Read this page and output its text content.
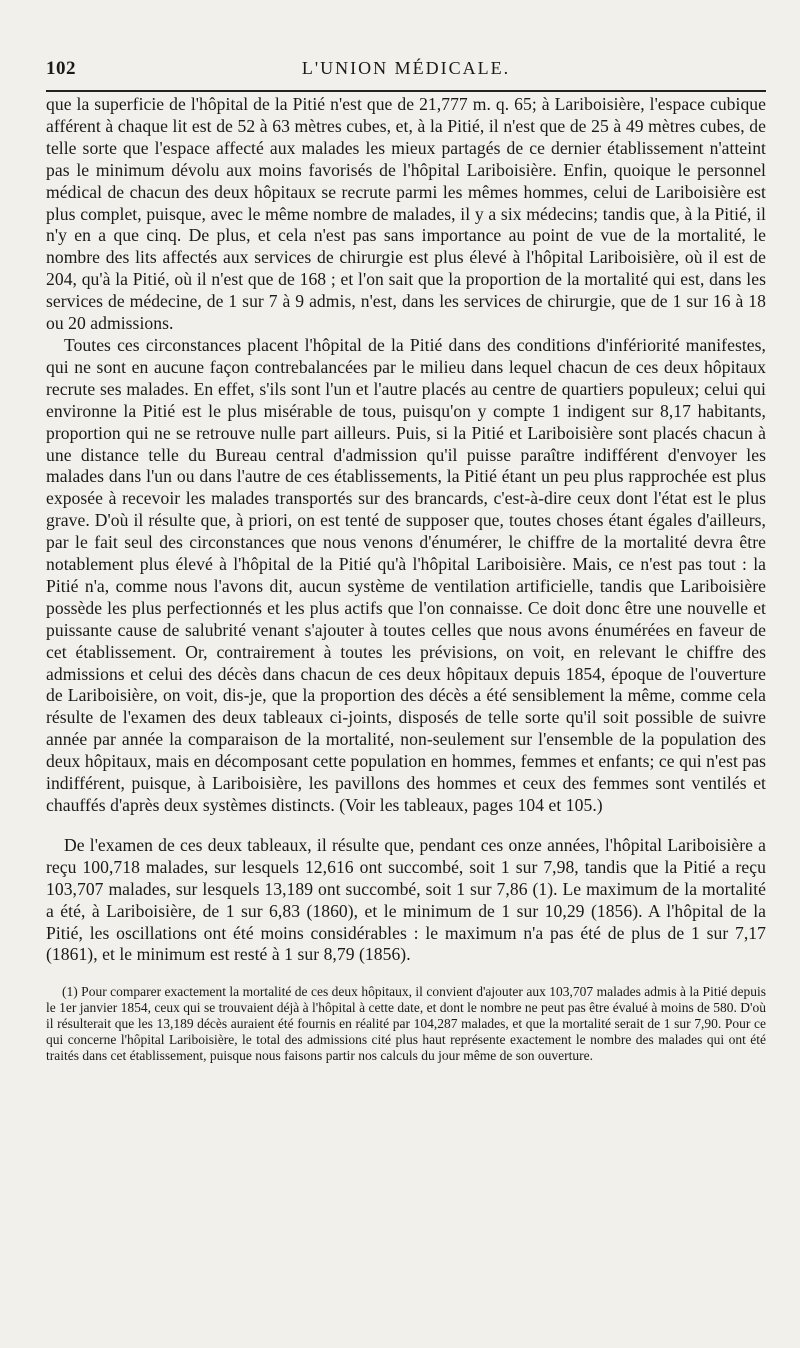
102	L'UNION MÉDICALE.

que la superficie de l'hôpital de la Pitié n'est que de 21,777 m. q. 65; à Lariboisière, l'espace cubique afférent à chaque lit est de 52 à 63 mètres cubes, et, à la Pitié, il n'est que de 25 à 49 mètres cubes, de telle sorte que l'espace affecté aux malades les mieux partagés de ce dernier établissement n'atteint pas le minimum dévolu aux moins favorisés de l'hôpital Lariboisière. Enfin, quoique le personnel médical de chacun des deux hôpitaux se recrute parmi les mêmes hommes, celui de Lariboisière est plus complet, puisque, avec le même nombre de malades, il y a six médecins; tandis que, à la Pitié, il n'y en a que cinq. De plus, et cela n'est pas sans importance au point de vue de la mortalité, le nombre des lits affectés aux services de chirurgie est plus élevé à l'hôpital Lariboisière, où il est de 204, qu'à la Pitié, où il n'est que de 168 ; et l'on sait que la proportion de la mortalité qui est, dans les services de médecine, de 1 sur 7 à 9 admis, n'est, dans les services de chirurgie, que de 1 sur 16 à 18 ou 20 admissions.

Toutes ces circonstances placent l'hôpital de la Pitié dans des conditions d'infériorité manifestes, qui ne sont en aucune façon contrebalancées par le milieu dans lequel chacun de ces deux hôpitaux recrute ses malades. En effet, s'ils sont l'un et l'autre placés au centre de quartiers populeux; celui qui environne la Pitié est le plus misérable de tous, puisqu'on y compte 1 indigent sur 8,17 habitants, proportion qui ne se retrouve nulle part ailleurs. Puis, si la Pitié et Lariboisière sont placés chacun à une distance telle du Bureau central d'admission qu'il puisse paraître indifférent d'envoyer les malades dans l'un ou dans l'autre de ces établissements, la Pitié étant un peu plus rapprochée est plus exposée à recevoir les malades transportés sur des brancards, c'est-à-dire ceux dont l'état est le plus grave. D'où il résulte que, à priori, on est tenté de supposer que, toutes choses étant égales d'ailleurs, par le fait seul des circonstances que nous venons d'énumérer, le chiffre de la mortalité devra être notablement plus élevé à l'hôpital de la Pitié qu'à l'hôpital Lariboisière. Mais, ce n'est pas tout : la Pitié n'a, comme nous l'avons dit, aucun système de ventilation artificielle, tandis que Lariboisière possède les plus perfectionnés et les plus actifs que l'on connaisse. Ce doit donc être une nouvelle et puissante cause de salubrité venant s'ajouter à toutes celles que nous avons énumérées en faveur de cet établissement. Or, contrairement à toutes les prévisions, on voit, en relevant le chiffre des admissions et celui des décès dans chacun de ces deux hôpitaux depuis 1854, époque de l'ouverture de Lariboisière, on voit, dis-je, que la proportion des décès a été sensiblement la même, comme cela résulte de l'examen des deux tableaux ci-joints, disposés de telle sorte qu'il soit possible de suivre année par année la comparaison de la mortalité, non-seulement sur l'ensemble de la population des deux hôpitaux, mais en décomposant cette population en hommes, femmes et enfants; ce qui n'est pas indifférent, puisque, à Lariboisière, les pavillons des hommes et ceux des femmes sont ventilés et chauffés d'après deux systèmes distincts. (Voir les tableaux, pages 104 et 105.)

De l'examen de ces deux tableaux, il résulte que, pendant ces onze années, l'hôpital Lariboisière a reçu 100,718 malades, sur lesquels 12,616 ont succombé, soit 1 sur 7,98, tandis que la Pitié a reçu 103,707 malades, sur lesquels 13,189 ont succombé, soit 1 sur 7,86 (1). Le maximum de la mortalité a été, à Lariboisière, de 1 sur 6,83 (1860), et le minimum de 1 sur 10,29 (1856). A l'hôpital de la Pitié, les oscillations ont été moins considérables : le maximum n'a pas été de plus de 1 sur 7,17 (1861), et le minimum est resté à 1 sur 8,79 (1856).

(1) Pour comparer exactement la mortalité de ces deux hôpitaux, il convient d'ajouter aux 103,707 malades admis à la Pitié depuis le 1er janvier 1854, ceux qui se trouvaient déjà à l'hôpital à cette date, et dont le nombre ne peut pas être évalué à moins de 580. D'où il résulterait que les 13,189 décès auraient été fournis en réalité par 104,287 malades, et que la mortalité serait de 1 sur 7,90. Pour ce qui concerne l'hôpital Lariboisière, le total des admissions cité plus haut représente exactement le nombre des malades qui ont été traités dans cet établissement, puisque nous faisons partir nos calculs du jour même de son ouverture.
